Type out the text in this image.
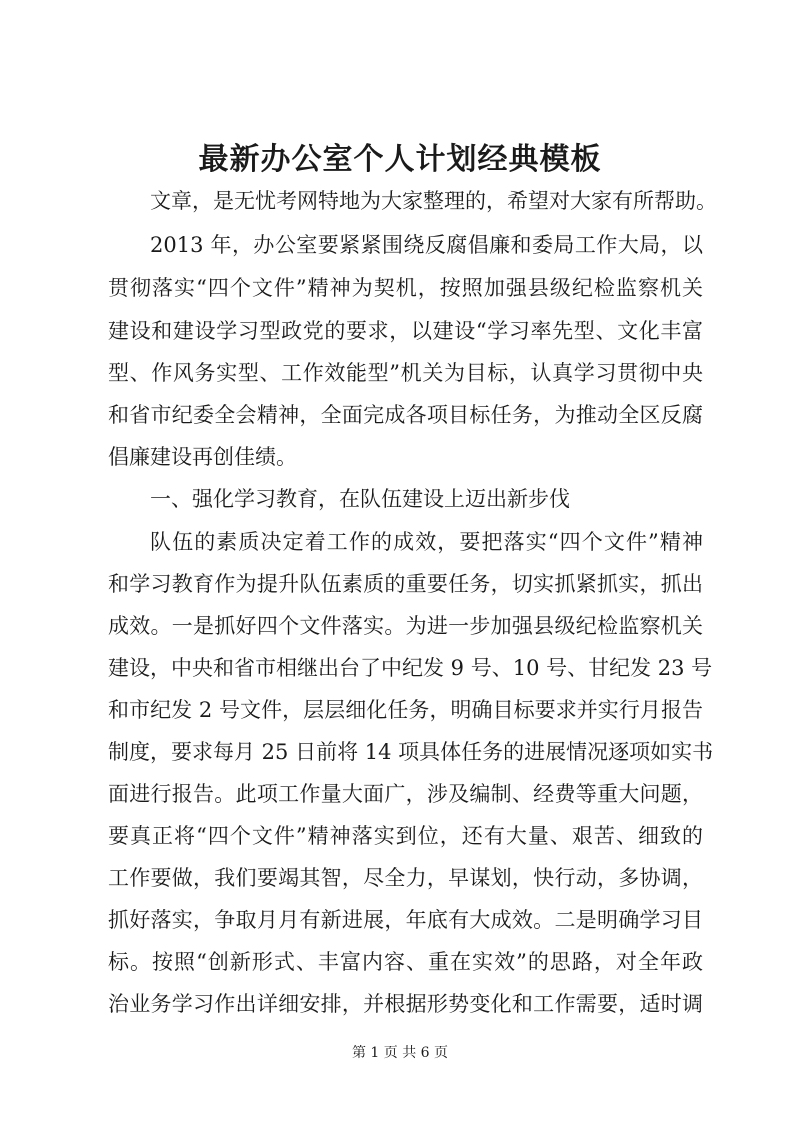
最新办公室个人计划经典模板
文章，是无忧考网特地为大家整理的，希望对大家有所帮助。
2013 年，办公室要紧紧围绕反腐倡廉和委局工作大局，以
贯彻落实“四个文件”精神为契机，按照加强县级纪检监察机关
建设和建设学习型政党的要求，以建设“学习率先型、文化丰富
型、作风务实型、工作效能型”机关为目标，认真学习贯彻中央
和省市纪委全会精神，全面完成各项目标任务，为推动全区反腐
倡廉建设再创佳绩。
一、强化学习教育，在队伍建设上迈出新步伐
队伍的素质决定着工作的成效，要把落实“四个文件”精神
和学习教育作为提升队伍素质的重要任务，切实抓紧抓实，抓出
成效。一是抓好四个文件落实。为进一步加强县级纪检监察机关
建设，中央和省市相继出台了中纪发 9 号、10 号、甘纪发 23 号
和市纪发 2 号文件，层层细化任务，明确目标要求并实行月报告
制度，要求每月 25 日前将 14 项具体任务的进展情况逐项如实书
面进行报告。此项工作量大面广，涉及编制、经费等重大问题，
要真正将“四个文件”精神落实到位，还有大量、艰苦、细致的
工作要做，我们要竭其智，尽全力，早谋划，快行动，多协调，
抓好落实，争取月月有新进展，年底有大成效。二是明确学习目
标。按照“创新形式、丰富内容、重在实效”的思路，对全年政
治业务学习作出详细安排，并根据形势变化和工作需要，适时调
第 1 页 共 6 页
